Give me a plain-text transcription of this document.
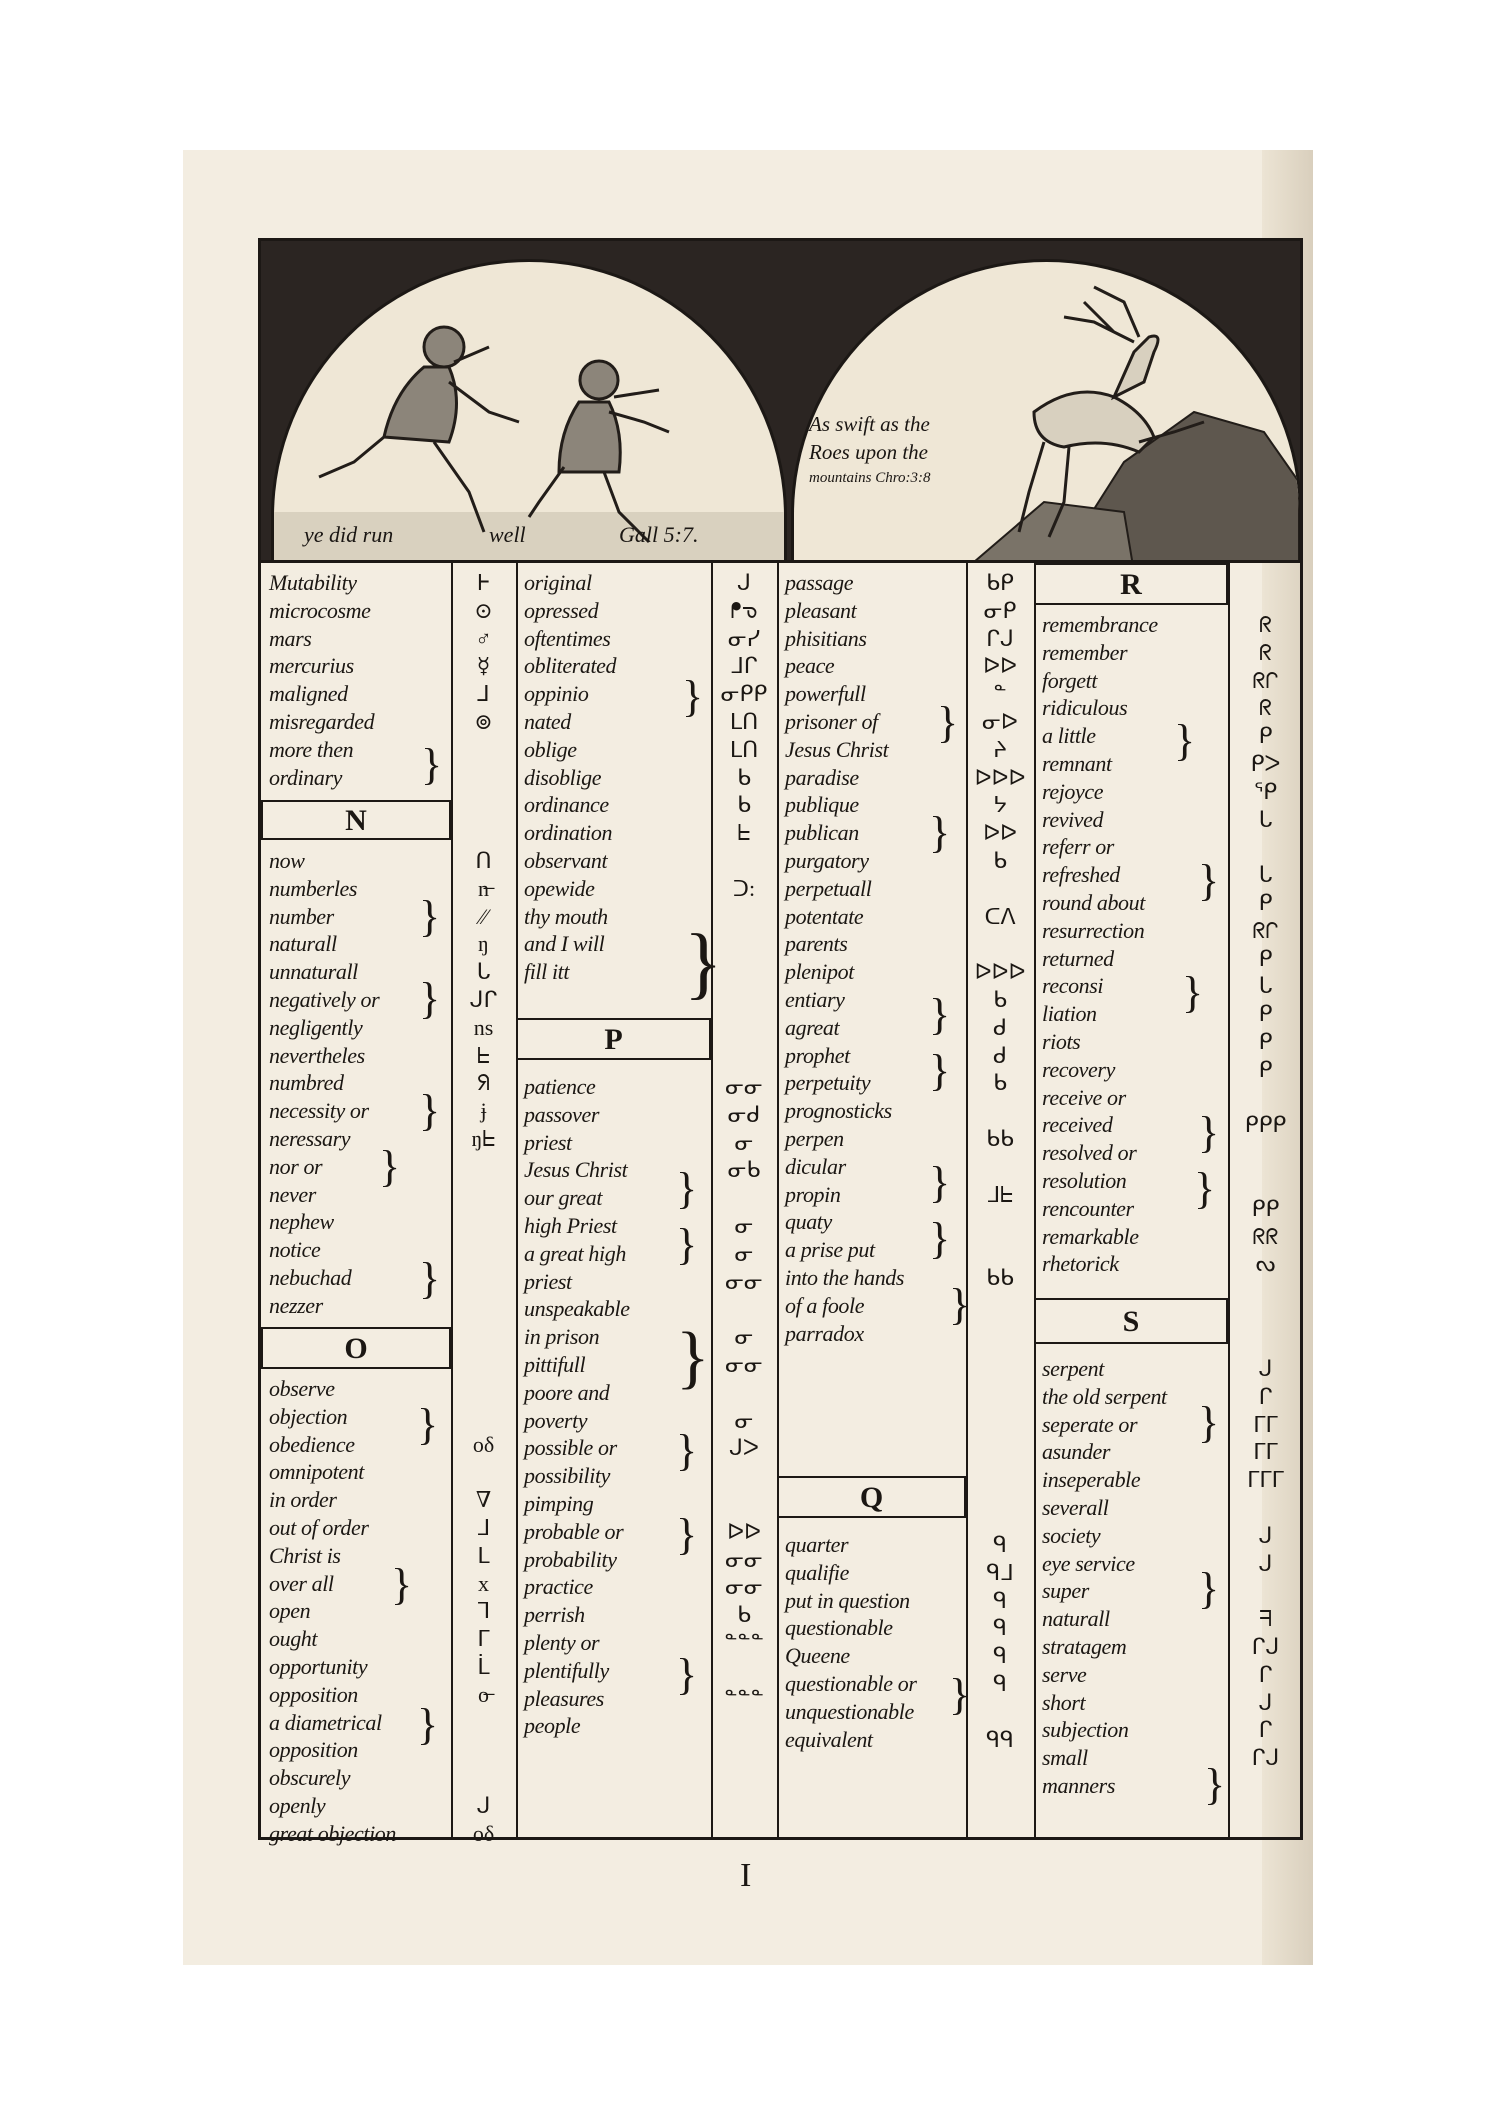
ye did run	well	Gall 5:7.
As swift as the
Roes upon the
mountains Chro:3:8
Mutability
microcosme
mars
mercurius
maligned
misregarded
more then
ordinary
N
now
numberles
number
naturall
unnaturall
negatively or
negligently
nevertheles
numbred
necessity or
neressary
nor or
never
nephew
notice
nebuchad
nezzer
O
observe
objection
obedience
omnipotent
in order
out of order
Christ is
over all
open
ought
opportunity
opposition
a diametrical
opposition
obscurely
openly
great objection
}
}
}
}
}
}
}
}
}
Ꮀ
⊙
♂
☿
⅃
⊚
ᑎ
n̶
⁄⁄
ŋ
ᒐ
ᒍᒋ
ns
ᖶ
ᖆ
ɉ
ŋᖶ
oδ
∇
ᒧ
ᒪ
x
ᒣ
ᒥ
ᒫ
o̶
ᒍ
oδ
original
opressed
oftentimes
obliterated
oppinio
nated
oblige
disoblige
ordinance
ordination
observant
opewide
thy mouth
and I will
fill itt
P
patience
passover
priest
Jesus Christ
our great
high Priest
a great high
priest
unspeakable
in prison
pittifull
poore and
poverty
possible or
possibility
pimping
probable or
probability
practice
perrish
plenty or
plentifully
pleasures
people
}
}
}
}
}
}
}
}
ᒍ
ᖰᓀ
ᓂᓯ
ᒧᒋ
ᓂᑭᑭ
ᒪᑎ
ᒪᑎ
ᑲ
ᑲ
ᖶ
ᑐ:
ᓂᓂ
ᓂᑯ
ᓂ
ᓂᑲ
ᓂ
ᓂ
ᓂᓂ
ᓂ
ᓂᓂ
ᓂ
ᒍᐳ
ᐅᐅ
ᓂᓂ
ᓂᓂ
ᑲ
ᓐᓐᓐ
ᓐᓐᓐ
passage
pleasant
phisitians
peace
powerfull
prisoner of
Jesus Christ
paradise
publique
publican
purgatory
perpetuall
potentate
parents
plenipot
entiary
agreat
prophet
perpetuity
prognosticks
perpen
dicular
propin
quaty
a prise put
into the hands
of a foole
parradox
Q
quarter
qualifie
put in question
questionable
Queene
questionable or
unquestionable
equivalent
}
}
}
}
}
}
}
}
ᑲᑭ
ᓂᑭ
ᒋᒍ
ᐅᐅ
ᓐ
ᓂᐅ
ᔨ
ᐅᐅᐅ
ᔭ
ᐅᐅ
ᑲ
ᑕᐱ
ᐅᐅᐅ
ᑲ
ᑯ
ᑯ
ᑲ
ᑲᑲ
ᒧᖶ
ᑲᑲ
ᑫ
ᑫᒧ
ᑫ
ᑫ
ᑫ
ᑫ
ᑫᑫ
R
remembrance
remember
forgett
ridiculous
a little
remnant
rejoyce
revived
referr or
refreshed
round about
resurrection
returned
reconsi
liation
riots
recovery
receive or
received
resolved or
resolution
rencounter
remarkable
rhetorick
S
serpent
the old serpent
seperate or
asunder
inseperable
severall
society
eye service
super
naturall
stratagem
serve
short
subjection
small
manners
}
}
}
}
}
}
}
}
ᖇ
ᖇ
ᖇᒋ
ᖇ
ᑭ
ᑭᐳ
ᕿ
ᒐ
ᒐ
ᑭ
ᖇᒋ
ᑭ
ᒐ
ᑭ
ᑭ
ᑭ
ᑭᑭᑭ
ᑭᑭ
ᖇᖇ
ᔓ
ᒍ
ᒋ
ᒥᒥ
ᒥᒥ
ᒥᒥᒥ
ᒍ
ᒍ
ᖷ
ᒋᒍ
ᒋ
ᒍ
ᒋ
ᒋᒍ
I
